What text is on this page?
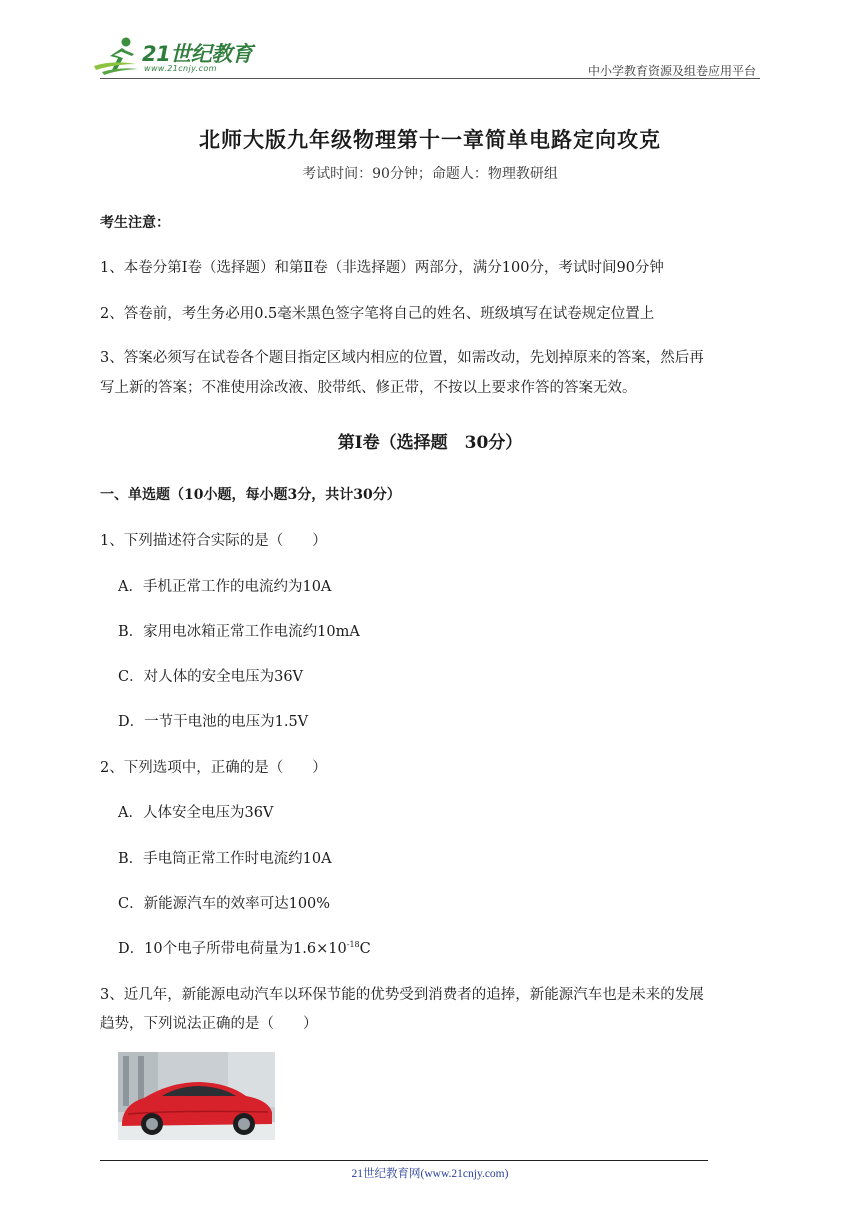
21世纪教育
www.21cnjy.com	中小学教育资源及组卷应用平台
北师大版九年级物理第十一章简单电路定向攻克
考试时间：90分钟；命题人：物理教研组
考生注意：
1、本卷分第I卷（选择题）和第Ⅱ卷（非选择题）两部分，满分100分，考试时间90分钟
2、答卷前，考生务必用0.5毫米黑色签字笔将自己的姓名、班级填写在试卷规定位置上
3、答案必须写在试卷各个题目指定区域内相应的位置，如需改动，先划掉原来的答案，然后再
写上新的答案；不准使用涂改液、胶带纸、修正带，不按以上要求作答的答案无效。
第I卷（选择题　30分）
一、单选题（10小题，每小题3分，共计30分）
1、下列描述符合实际的是（　　）
A．手机正常工作的电流约为10A
B．家用电冰箱正常工作电流约10mA
C．对人体的安全电压为36V
D．一节干电池的电压为1.5V
2、下列选项中，正确的是（　　）
A．人体安全电压为36V
B．手电筒正常工作时电流约10A
C．新能源汽车的效率可达100%
D．10个电子所带电荷量为$1.6\times 10^{-18}C$
3、近几年，新能源电动汽车以环保节能的优势受到消费者的追捧，新能源汽车也是未来的发展
趋势，下列说法正确的是（　　）
21世纪教育网(www.21cnjy.com)
